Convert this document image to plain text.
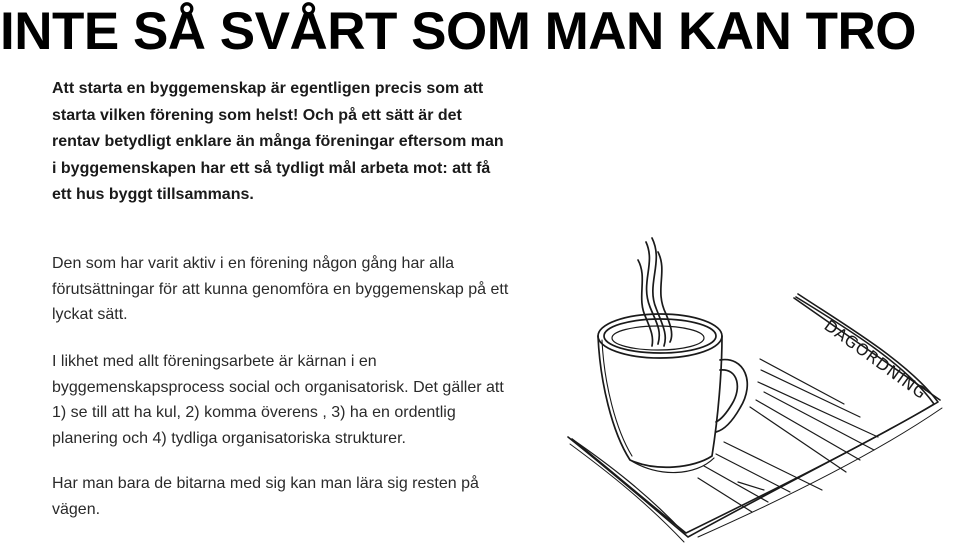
INTE SÅ SVÅRT SOM MAN KAN TRO

Att starta en byggemenskap är egentligen precis som att starta vilken förening som helst! Och på ett sätt är det rentav betydligt enklare än många föreningar eftersom man i byggemenskapen har ett så tydligt mål arbeta mot: att få ett hus byggt tillsammans.

Den som har varit aktiv i en förening någon gång har alla förutsättningar för att kunna genomföra en byggemenskap på ett lyckat sätt.

I likhet med allt föreningsarbete är kärnan i en byggemenskapsprocess social och organisatorisk. Det gäller att 1) se till att ha kul, 2) komma överens , 3) ha en ordentlig planering och 4) tydliga organisatoriska strukturer.

Har man bara de bitarna med sig kan man lära sig resten på vägen.

DAGORDNING
